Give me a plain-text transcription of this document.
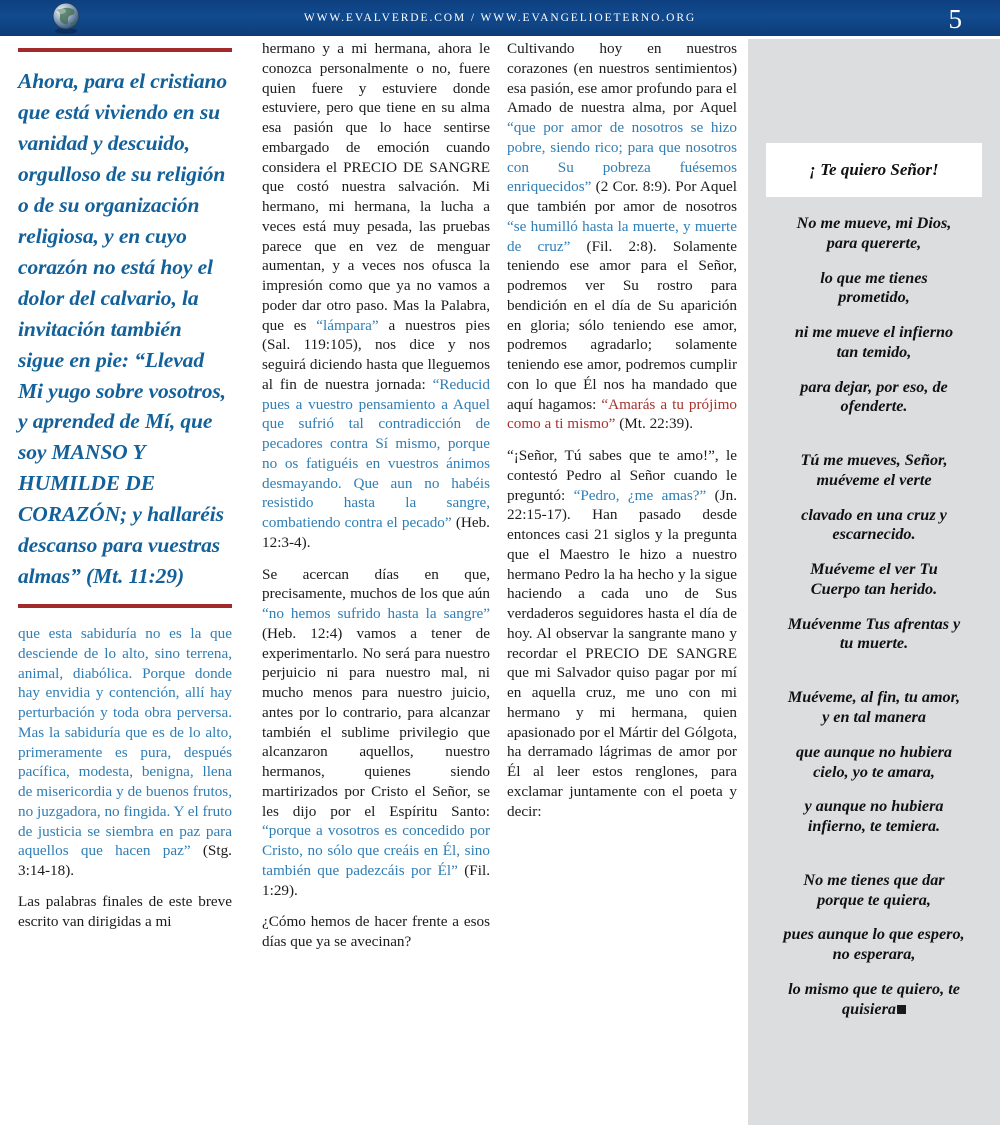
WWW.EVALVERDE.COM / WWW.EVANGELIOETERNO.ORG	5
Ahora, para el cristiano que está viviendo en su vanidad y descuido, orgulloso de su religión o de su organización religiosa, y en cuyo corazón no está hoy el dolor del calvario, la invitación también sigue en pie: “Llevad Mi yugo sobre vosotros, y aprended de Mí, que soy MANSO Y HUMILDE DE CORAZÓN; y hallaréis descanso para vuestras almas” (Mt. 11:29)

que esta sabiduría no es la que desciende de lo alto, sino terrena, animal, diabólica. Porque donde hay envidia y contención, allí hay perturbación y toda obra perversa. Mas la sabiduría que es de lo alto, primeramente es pura, después pacífica, modesta, benigna, llena de misericordia y de buenos frutos, no juzgadora, no fingida. Y el fruto de justicia se siembra en paz para aquellos que hacen paz” (Stg. 3:14-18).

Las palabras finales de este breve escrito van dirigidas a mi

hermano y a mi hermana, ahora le conozca personalmente o no, fuere quien fuere y estuviere donde estuviere, pero que tiene en su alma esa pasión que lo hace sentirse embargado de emoción cuando considera el PRECIO DE SANGRE que costó nuestra salvación. Mi hermano, mi hermana, la lucha a veces está muy pesada, las pruebas parece que en vez de menguar aumentan, y a veces nos ofusca la impresión como que ya no vamos a poder dar otro paso. Mas la Palabra, que es “lámpara” a nuestros pies (Sal. 119:105), nos dice y nos seguirá diciendo hasta que lleguemos al fin de nuestra jornada: “Reducid pues a vuestro pensamiento a Aquel que sufrió tal contradicción de pecadores contra Sí mismo, porque no os fatiguéis en vuestros ánimos desmayando. Que aun no habéis resistido hasta la sangre, combatiendo contra el pecado” (Heb. 12:3-4).

Se acercan días en que, precisamente, muchos de los que aún “no hemos sufrido hasta la sangre” (Heb. 12:4) vamos a tener de experimentarlo. No será para nuestro perjuicio ni para nuestro mal, ni mucho menos para nuestro juicio, antes por lo contrario, para alcanzar también el sublime privilegio que alcanzaron aquellos, nuestro hermanos, quienes siendo martirizados por Cristo el Señor, se les dijo por el Espíritu Santo: “porque a vosotros es concedido por Cristo, no sólo que creáis en Él, sino también que padezcáis por Él” (Fil. 1:29).

¿Cómo hemos de hacer frente a esos días que ya se avecinan?

Cultivando hoy en nuestros corazones (en nuestros sentimientos) esa pasión, ese amor profundo para el Amado de nuestra alma, por Aquel “que por amor de nosotros se hizo pobre, siendo rico; para que nosotros con Su pobreza fuésemos enriquecidos” (2 Cor. 8:9). Por Aquel que también por amor de nosotros “se humilló hasta la muerte, y muerte de cruz” (Fil. 2:8). Solamente teniendo ese amor para el Señor, podremos ver Su rostro para bendición en el día de Su aparición en gloria; sólo teniendo ese amor, podremos agradarlo; solamente teniendo ese amor, podremos cumplir con lo que Él nos ha mandado que aquí hagamos: “Amarás a tu prójimo como a ti mismo” (Mt. 22:39).

“¡Señor, Tú sabes que te amo!”, le contestó Pedro al Señor cuando le preguntó: “Pedro, ¿me amas?” (Jn. 22:15-17). Han pasado desde entonces casi 21 siglos y la pregunta que el Maestro le hizo a nuestro hermano Pedro la ha hecho y la sigue haciendo a cada uno de Sus verdaderos seguidores hasta el día de hoy. Al observar la sangrante mano y recordar el PRECIO DE SANGRE que mi Salvador quiso pagar por mí en aquella cruz, me uno con mi hermano y mi hermana, quien apasionado por el Mártir del Gólgota, ha derramado lágrimas de amor por Él al leer estos renglones, para exclamar juntamente con el poeta y decir:

¡ Te quiero Señor!
No me mueve, mi Dios,
para quererte,
lo que me tienes
prometido,
ni me mueve el infierno
tan temido,
para dejar, por eso, de
ofenderte.
Tú me mueves, Señor,
muéveme el verte
clavado en una cruz y
escarnecido.
Muéveme el ver Tu
Cuerpo tan herido.
Muévenme Tus afrentas y
tu muerte.
Muéveme, al fin, tu amor,
y en tal manera
que aunque no hubiera
cielo, yo te amara,
y aunque no hubiera
infierno, te temiera.
No me tienes que dar
porque te quiera,
pues aunque lo que espero,
no esperara,
lo mismo que te quiero, te
quisiera
